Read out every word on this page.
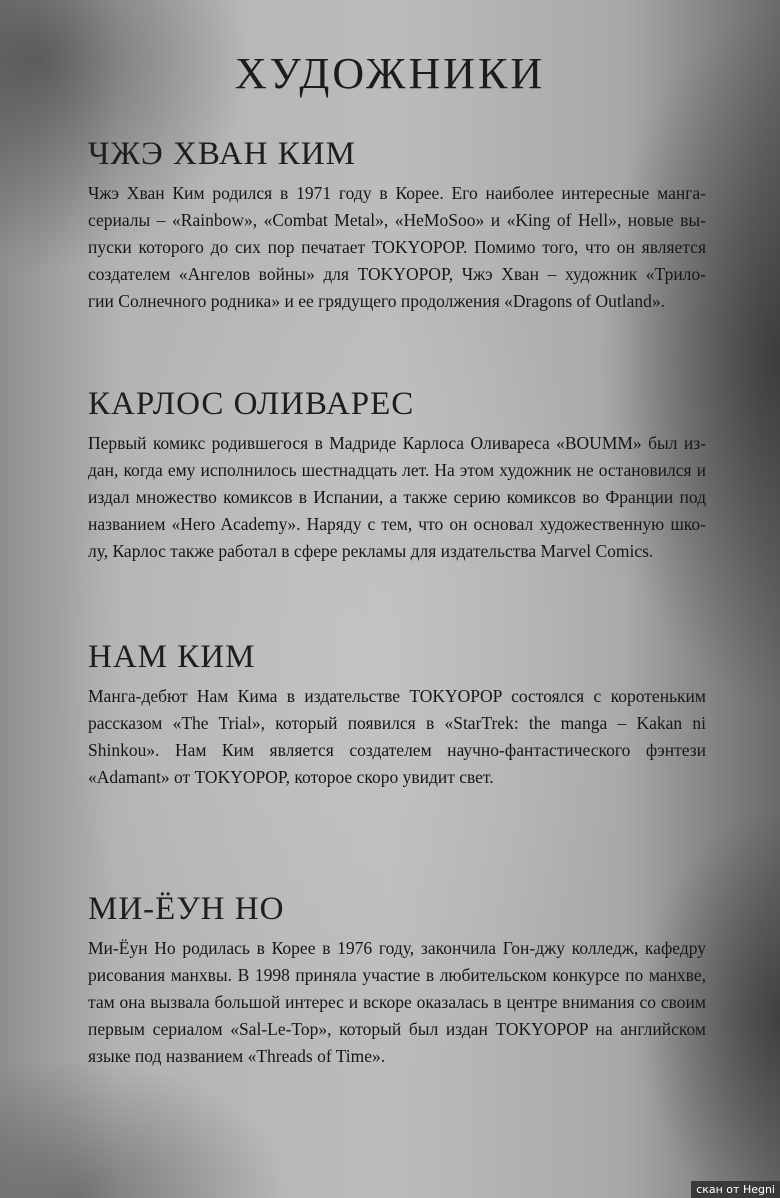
ХУДОЖНИКИ
ЧЖЭ ХВАН КИМ
Чжэ Хван Ким родился в 1971 году в Корее. Его наиболее интересные манга-
сериалы – «Rainbow», «Combat Metal», «HeMoSoo» и «King of Hell», новые вы-
пуски которого до сих пор печатает TOKYOPOP. Помимо того, что он является
создателем «Ангелов войны» для TOKYOPOP, Чжэ Хван – художник «Трило-
гии Солнечного родника» и ее грядущего продолжения «Dragons of Outland».
КАРЛОС ОЛИВАРЕС
Первый комикс родившегося в Мадриде Карлоса Оливареса «BOUMM» был из-
дан, когда ему исполнилось шестнадцать лет. На этом художник не остановился и
издал множество комиксов в Испании, а также серию комиксов во Франции под
названием «Hero Academy». Наряду с тем, что он основал художественную шко-
лу, Карлос также работал в сфере рекламы для издательства Marvel Comics.
НАМ КИМ
Манга-дебют Нам Кима в издательстве TOKYOPOP состоялся с коротеньким
рассказом «The Trial», который появился в «StarTrek: the manga – Kakan ni
Shinkou». Нам Ким является создателем научно-фантастического фэнтези
«Adamant» от TOKYOPOP, которое скоро увидит свет.
МИ-ЁУН НО
Ми-Ёун Но родилась в Корее в 1976 году, закончила Гон-джу колледж, кафедру
рисования манхвы. В 1998 приняла участие в любительском конкурсе по манхве,
там она вызвала большой интерес и вскоре оказалась в центре внимания со своим
первым сериалом «Sal-Le-Top», который был издан TOKYOPOP на английском
языке под названием «Threads of Time».
скан от Hegni
